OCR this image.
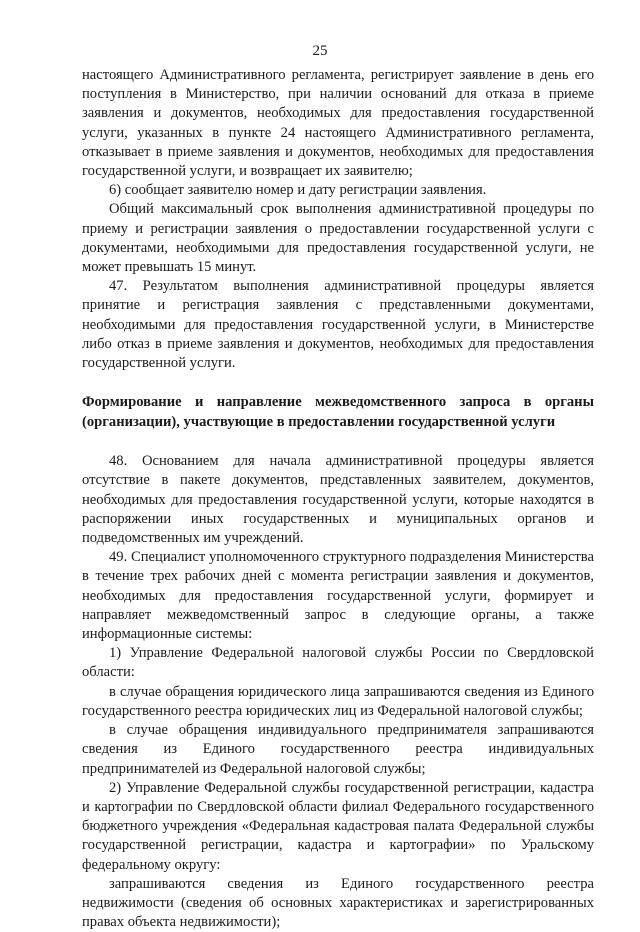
25

настоящего Административного регламента, регистрирует заявление в день его поступления в Министерство, при наличии оснований для отказа в приеме заявления и документов, необходимых для предоставления государственной услуги, указанных в пункте 24 настоящего Административного регламента, отказывает в приеме заявления и документов, необходимых для предоставления государственной услуги, и возвращает их заявителю;

6) сообщает заявителю номер и дату регистрации заявления.

Общий максимальный срок выполнения административной процедуры по приему и регистрации заявления о предоставлении государственной услуги с документами, необходимыми для предоставления государственной услуги, не может превышать 15 минут.

47. Результатом выполнения административной процедуры является принятие и регистрация заявления с представленными документами, необходимыми для предоставления государственной услуги, в Министерстве либо отказ в приеме заявления и документов, необходимых для предоставления государственной услуги.

Формирование и направление межведомственного запроса в органы (организации), участвующие в предоставлении государственной услуги

48. Основанием для начала административной процедуры является отсутствие в пакете документов, представленных заявителем, документов, необходимых для предоставления государственной услуги, которые находятся в распоряжении иных государственных и муниципальных органов и подведомственных им учреждений.

49. Специалист уполномоченного структурного подразделения Министерства в течение трех рабочих дней с момента регистрации заявления и документов, необходимых для предоставления государственной услуги, формирует и направляет межведомственный запрос в следующие органы, а также информационные системы:

1) Управление Федеральной налоговой службы России по Свердловской области:

в случае обращения юридического лица запрашиваются сведения из Единого государственного реестра юридических лиц из Федеральной налоговой службы;

в случае обращения индивидуального предпринимателя запрашиваются сведения из Единого государственного реестра индивидуальных предпринимателей из Федеральной налоговой службы;

2) Управление Федеральной службы государственной регистрации, кадастра и картографии по Свердловской области филиал Федерального государственного бюджетного учреждения «Федеральная кадастровая палата Федеральной службы государственной регистрации, кадастра и картографии» по Уральскому федеральному округу:

запрашиваются сведения из Единого государственного реестра недвижимости (сведения об основных характеристиках и зарегистрированных правах объекта недвижимости);
